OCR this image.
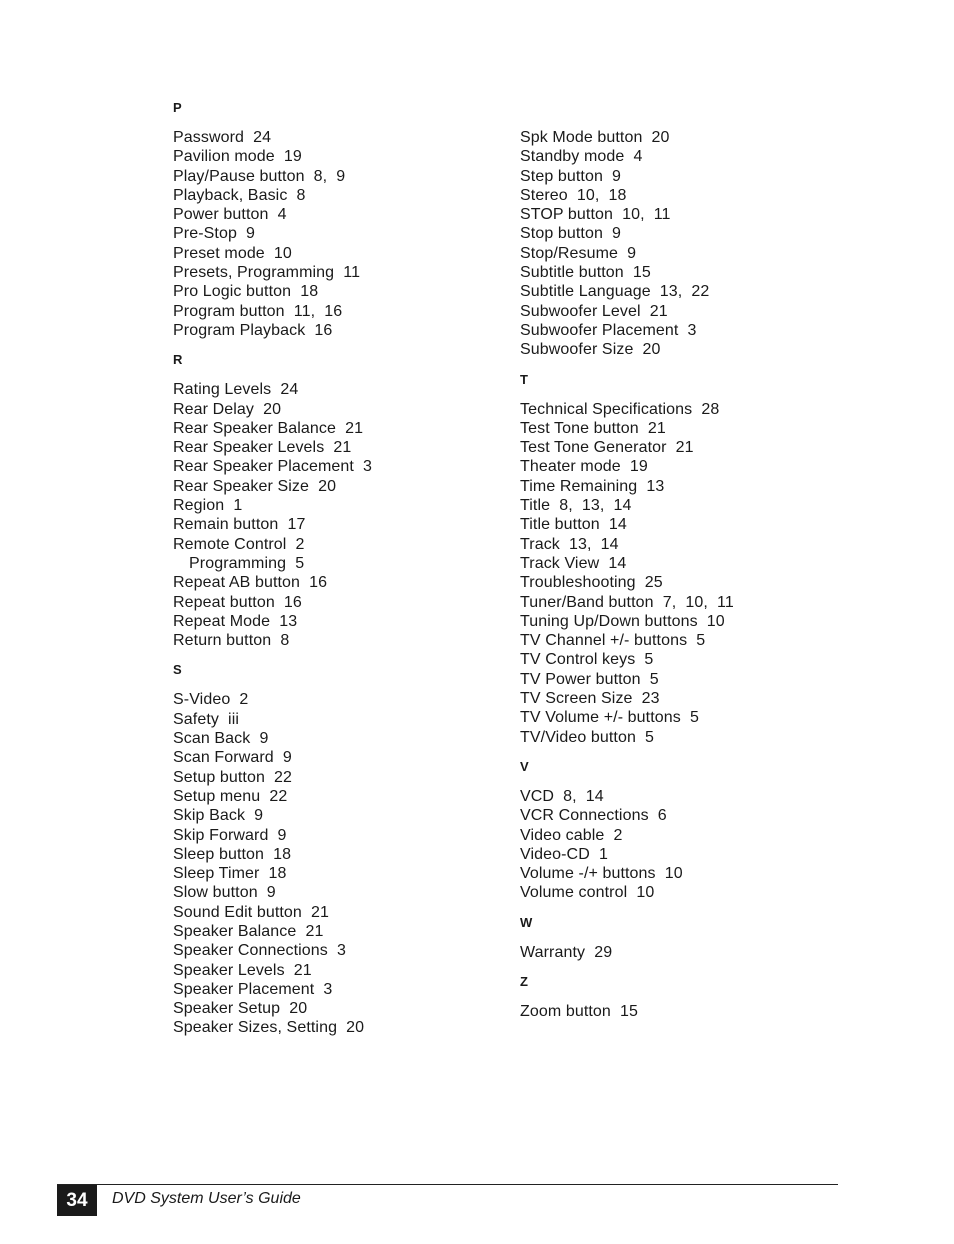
P
Password  24
Pavilion mode  19
Play/Pause button  8,  9
Playback, Basic  8
Power button  4
Pre-Stop  9
Preset mode  10
Presets, Programming  11
Pro Logic button  18
Program button  11,  16
Program Playback  16
R
Rating Levels  24
Rear Delay  20
Rear Speaker Balance  21
Rear Speaker Levels  21
Rear Speaker Placement  3
Rear Speaker Size  20
Region  1
Remain button  17
Remote Control  2
Programming  5
Repeat AB button  16
Repeat button  16
Repeat Mode  13
Return button  8
S
S-Video  2
Safety  iii
Scan Back  9
Scan Forward  9
Setup button  22
Setup menu  22
Skip Back  9
Skip Forward  9
Sleep button  18
Sleep Timer  18
Slow button  9
Sound Edit button  21
Speaker Balance  21
Speaker Connections  3
Speaker Levels  21
Speaker Placement  3
Speaker Setup  20
Speaker Sizes, Setting  20
Spk Mode button  20
Standby mode  4
Step button  9
Stereo  10,  18
STOP button  10,  11
Stop button  9
Stop/Resume  9
Subtitle button  15
Subtitle Language  13,  22
Subwoofer Level  21
Subwoofer Placement  3
Subwoofer Size  20
T
Technical Specifications  28
Test Tone button  21
Test Tone Generator  21
Theater mode  19
Time Remaining  13
Title  8,  13,  14
Title button  14
Track  13,  14
Track View  14
Troubleshooting  25
Tuner/Band button  7,  10,  11
Tuning Up/Down buttons  10
TV Channel +/- buttons  5
TV Control keys  5
TV Power button  5
TV Screen Size  23
TV Volume +/- buttons  5
TV/Video button  5
V
VCD  8,  14
VCR Connections  6
Video cable  2
Video-CD  1
Volume -/+ buttons  10
Volume control  10
W
Warranty  29
Z
Zoom button  15
34	DVD System User’s Guide
